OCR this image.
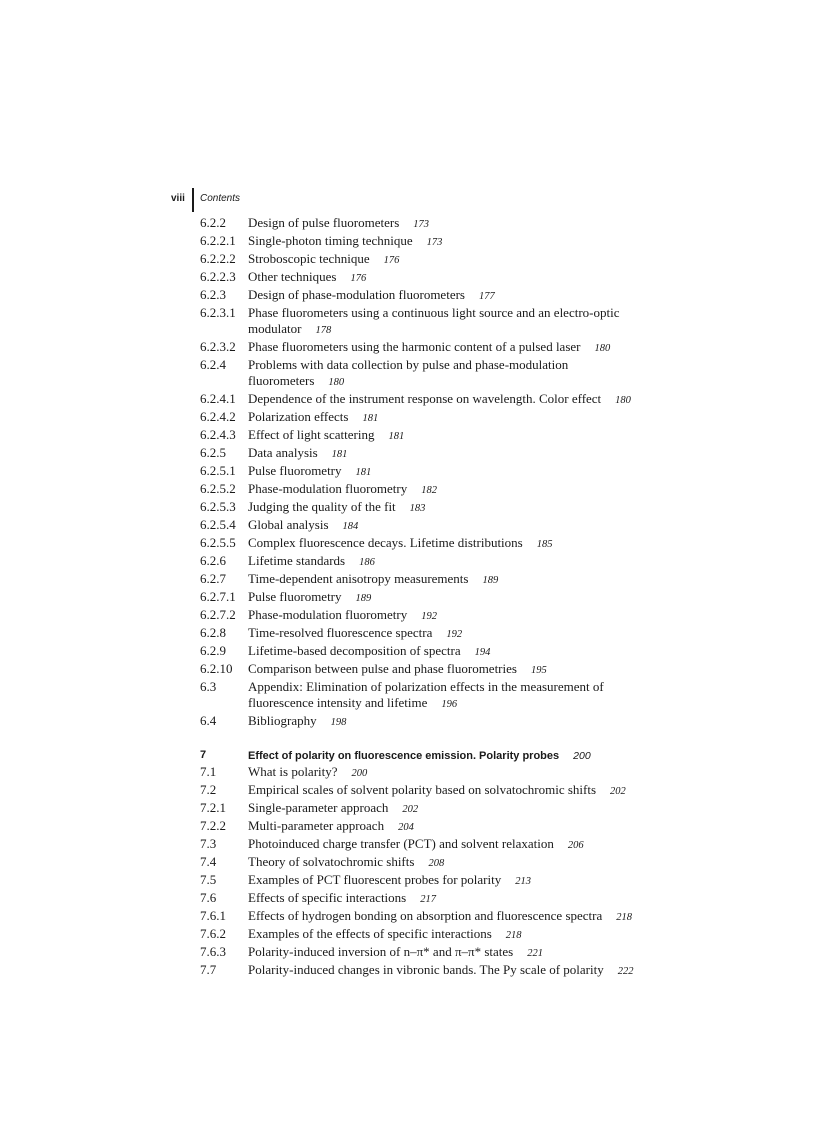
viii Contents
6.2.2 Design of pulse fluorometers 173
6.2.2.1 Single-photon timing technique 173
6.2.2.2 Stroboscopic technique 176
6.2.2.3 Other techniques 176
6.2.3 Design of phase-modulation fluorometers 177
6.2.3.1 Phase fluorometers using a continuous light source and an electro-optic modulator 178
6.2.3.2 Phase fluorometers using the harmonic content of a pulsed laser 180
6.2.4 Problems with data collection by pulse and phase-modulation fluorometers 180
6.2.4.1 Dependence of the instrument response on wavelength. Color effect 180
6.2.4.2 Polarization effects 181
6.2.4.3 Effect of light scattering 181
6.2.5 Data analysis 181
6.2.5.1 Pulse fluorometry 181
6.2.5.2 Phase-modulation fluorometry 182
6.2.5.3 Judging the quality of the fit 183
6.2.5.4 Global analysis 184
6.2.5.5 Complex fluorescence decays. Lifetime distributions 185
6.2.6 Lifetime standards 186
6.2.7 Time-dependent anisotropy measurements 189
6.2.7.1 Pulse fluorometry 189
6.2.7.2 Phase-modulation fluorometry 192
6.2.8 Time-resolved fluorescence spectra 192
6.2.9 Lifetime-based decomposition of spectra 194
6.2.10 Comparison between pulse and phase fluorometries 195
6.3 Appendix: Elimination of polarization effects in the measurement of fluorescence intensity and lifetime 196
6.4 Bibliography 198
7	Effect of polarity on fluorescence emission. Polarity probes 200
7.1 What is polarity? 200
7.2 Empirical scales of solvent polarity based on solvatochromic shifts 202
7.2.1 Single-parameter approach 202
7.2.2 Multi-parameter approach 204
7.3 Photoinduced charge transfer (PCT) and solvent relaxation 206
7.4 Theory of solvatochromic shifts 208
7.5 Examples of PCT fluorescent probes for polarity 213
7.6 Effects of specific interactions 217
7.6.1 Effects of hydrogen bonding on absorption and fluorescence spectra 218
7.6.2 Examples of the effects of specific interactions 218
7.6.3 Polarity-induced inversion of n–π* and π–π* states 221
7.7 Polarity-induced changes in vibronic bands. The Py scale of polarity 222
